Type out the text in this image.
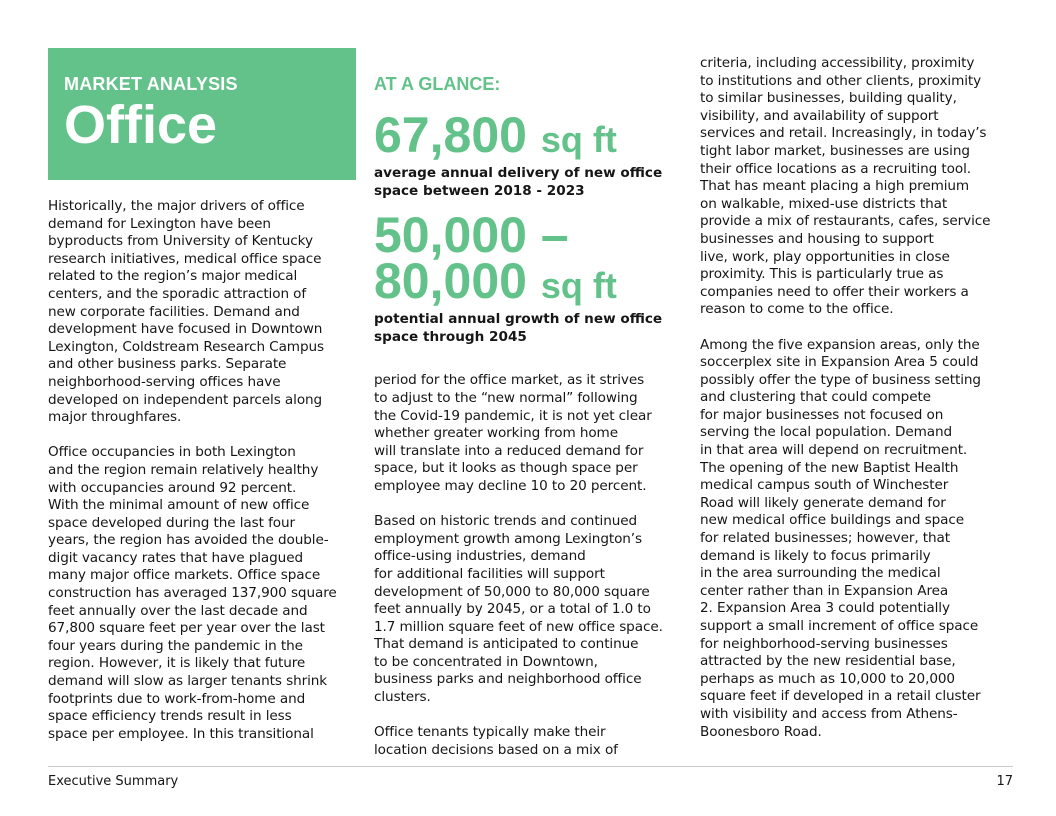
MARKET ANALYSIS
Office

Historically, the major drivers of office
demand for Lexington have been
byproducts from University of Kentucky
research initiatives, medical office space
related to the region’s major medical
centers, and the sporadic attraction of
new corporate facilities. Demand and
development have focused in Downtown
Lexington, Coldstream Research Campus
and other business parks. Separate
neighborhood-serving offices have
developed on independent parcels along
major throughfares.

Office occupancies in both Lexington
and the region remain relatively healthy
with occupancies around 92 percent.
With the minimal amount of new office
space developed during the last four
years, the region has avoided the double-
digit vacancy rates that have plagued
many major office markets. Office space
construction has averaged 137,900 square
feet annually over the last decade and
67,800 square feet per year over the last
four years during the pandemic in the
region. However, it is likely that future
demand will slow as larger tenants shrink
footprints due to work-from-home and
space efficiency trends result in less
space per employee. In this transitional

AT A GLANCE:
67,800 sq ft

average annual delivery of new office
space between 2018 - 2023

50,000 –
80,000 sq ft

potential annual growth of new office
space through 2045

period for the office market, as it strives
to adjust to the “new normal” following
the Covid-19 pandemic, it is not yet clear
whether greater working from home
will translate into a reduced demand for
space, but it looks as though space per
employee may decline 10 to 20 percent.

Based on historic trends and continued
employment growth among Lexington’s
office-using industries, demand
for additional facilities will support
development of 50,000 to 80,000 square
feet annually by 2045, or a total of 1.0 to
1.7 million square feet of new office space.
That demand is anticipated to continue
to be concentrated in Downtown,
business parks and neighborhood office
clusters.

Office tenants typically make their
location decisions based on a mix of

criteria, including accessibility, proximity
to institutions and other clients, proximity
to similar businesses, building quality,
visibility, and availability of support
services and retail. Increasingly, in today’s
tight labor market, businesses are using
their office locations as a recruiting tool.
That has meant placing a high premium
on walkable, mixed-use districts that
provide a mix of restaurants, cafes, service
businesses and housing to support
live, work, play opportunities in close
proximity. This is particularly true as
companies need to offer their workers a
reason to come to the office.

Among the five expansion areas, only the
soccerplex site in Expansion Area 5 could
possibly offer the type of business setting
and clustering that could compete
for major businesses not focused on
serving the local population. Demand
in that area will depend on recruitment.
The opening of the new Baptist Health
medical campus south of Winchester
Road will likely generate demand for
new medical office buildings and space
for related businesses; however, that
demand is likely to focus primarily
in the area surrounding the medical
center rather than in Expansion Area
2. Expansion Area 3 could potentially
support a small increment of office space
for neighborhood-serving businesses
attracted by the new residential base,
perhaps as much as 10,000 to 20,000
square feet if developed in a retail cluster
with visibility and access from Athens-
Boonesboro Road.

Executive Summary	17
